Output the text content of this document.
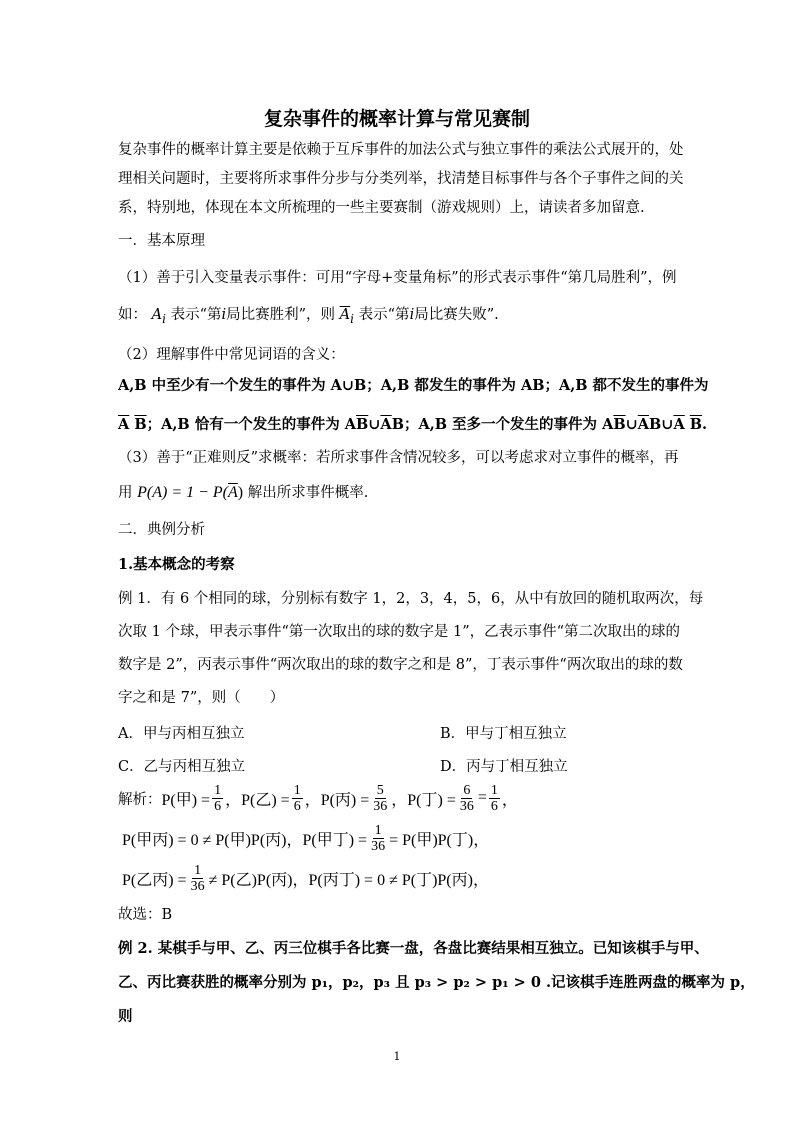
复杂事件的概率计算与常见赛制
复杂事件的概率计算主要是依赖于互斥事件的加法公式与独立事件的乘法公式展开的，处
理相关问题时，主要将所求事件分步与分类列举，找清楚目标事件与各个子事件之间的关
系，特别地，体现在本文所梳理的一些主要赛制（游戏规则）上，请读者多加留意.
一．基本原理
（1）善于引入变量表示事件：可用“字母+变量角标”的形式表示事件“第几局胜利”，例
如： $A_i$ 表示“第i局比赛胜利”，则 $\overline{A}_i$ 表示“第i局比赛失败”.
（2）理解事件中常见词语的含义：
A,B 中至少有一个发生的事件为 A∪B；A,B 都发生的事件为 AB；A,B 都不发生的事件为
$\overline{A}$ $\overline{B}$；A,B 恰有一个发生的事件为 $A\overline{B}\cup\overline{A}B$；A,B 至多一个发生的事件为 $A\overline{B}\cup\overline{A}B\cup\overline{A}$ $\overline{B}$.
（3）善于“正难则反”求概率：若所求事件含情况较多，可以考虑求对立事件的概率，再
用 $P(A) = 1 - P(\overline{A})$ 解出所求事件概率.
二．典例分析
1.基本概念的考察
例 1．有 6 个相同的球，分别标有数字 1，2，3，4，5，6，从中有放回的随机取两次，每
次取 1 个球，甲表示事件“第一次取出的球的数字是 1”，乙表示事件“第二次取出的球的
数字是 2”，丙表示事件“两次取出的球的数字之和是 8”，丁表示事件“两次取出的球的数
字之和是 7”，则（　　）
A．甲与丙相互独立	B．甲与丁相互独立
C．乙与丙相互独立	D．丙与丁相互独立
解析： P(甲) = $\frac{1}{6}$ ，P(乙) = $\frac{1}{6}$ ，P(丙) = $\frac{5}{36}$ ，P(丁) = $\frac{6}{36} = \frac{1}{6}$ ，
P(甲丙) = 0 ≠ P(甲)P(丙)，P(甲丁) = $\frac{1}{36} = P$(甲)P(丁)，
P(乙丙) = $\frac{1}{36} \ne P$(乙)P(丙)，P(丙丁) = 0 ≠ P(丁)P(丙)，
故选：B
例 2. 某棋手与甲、乙、丙三位棋手各比赛一盘，各盘比赛结果相互独立。已知该棋手与甲、
乙、丙比赛获胜的概率分别为 p₁，p₂，p₃ 且 p₃ > p₂ > p₁ > 0 .记该棋手连胜两盘的概率为 p，
则
1
